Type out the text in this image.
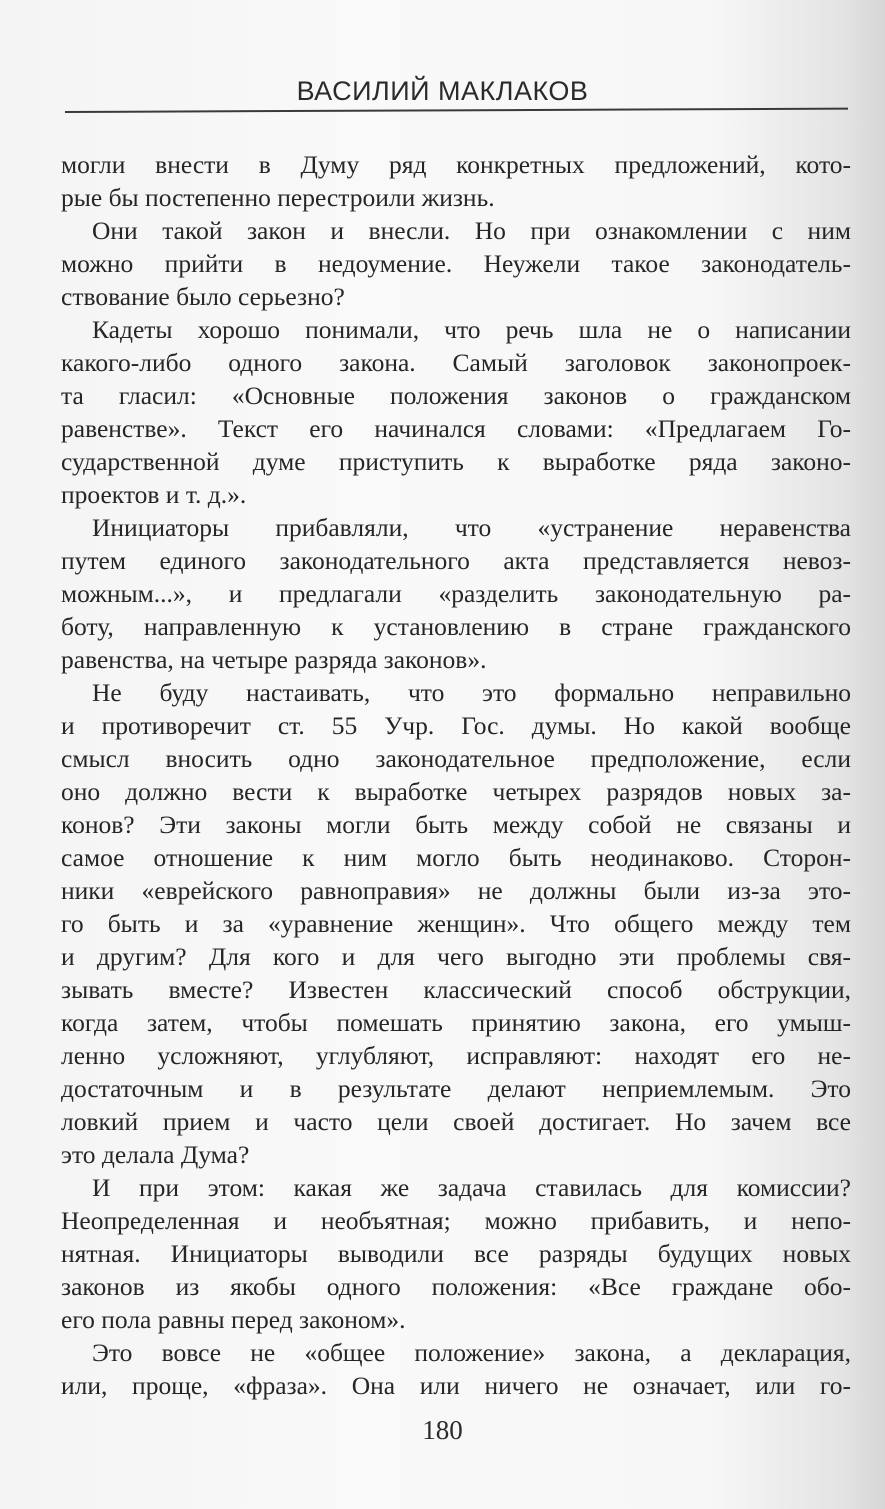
ВАСИЛИЙ МАКЛАКОВ
могли внести в Думу ряд конкретных предложений, кото-
рые бы постепенно перестроили жизнь.
Они такой закон и внесли. Но при ознакомлении с ним
можно прийти в недоумение. Неужели такое законодатель-
ствование было серьезно?
Кадеты хорошо понимали, что речь шла не о написании
какого-либо одного закона. Самый заголовок законопроек-
та гласил: «Основные положения законов о гражданском
равенстве». Текст его начинался словами: «Предлагаем Го-
сударственной думе приступить к выработке ряда законо-
проектов и т. д.».
Инициаторы прибавляли, что «устранение неравенства
путем единого законодательного акта представляется невоз-
можным...», и предлагали «разделить законодательную ра-
боту, направленную к установлению в стране гражданского
равенства, на четыре разряда законов».
Не буду настаивать, что это формально неправильно
и противоречит ст. 55 Учр. Гос. думы. Но какой вообще
смысл вносить одно законодательное предположение, если
оно должно вести к выработке четырех разрядов новых за-
конов? Эти законы могли быть между собой не связаны и
самое отношение к ним могло быть неодинаково. Сторон-
ники «еврейского равноправия» не должны были из-за это-
го быть и за «уравнение женщин». Что общего между тем
и другим? Для кого и для чего выгодно эти проблемы свя-
зывать вместе? Известен классический способ обструкции,
когда затем, чтобы помешать принятию закона, его умыш-
ленно усложняют, углубляют, исправляют: находят его не-
достаточным и в результате делают неприемлемым. Это
ловкий прием и часто цели своей достигает. Но зачем все
это делала Дума?
И при этом: какая же задача ставилась для комиссии?
Неопределенная и необъятная; можно прибавить, и непо-
нятная. Инициаторы выводили все разряды будущих новых
законов из якобы одного положения: «Все граждане обо-
его пола равны перед законом».
Это вовсе не «общее положение» закона, а декларация,
или, проще, «фраза». Она или ничего не означает, или го-
180
